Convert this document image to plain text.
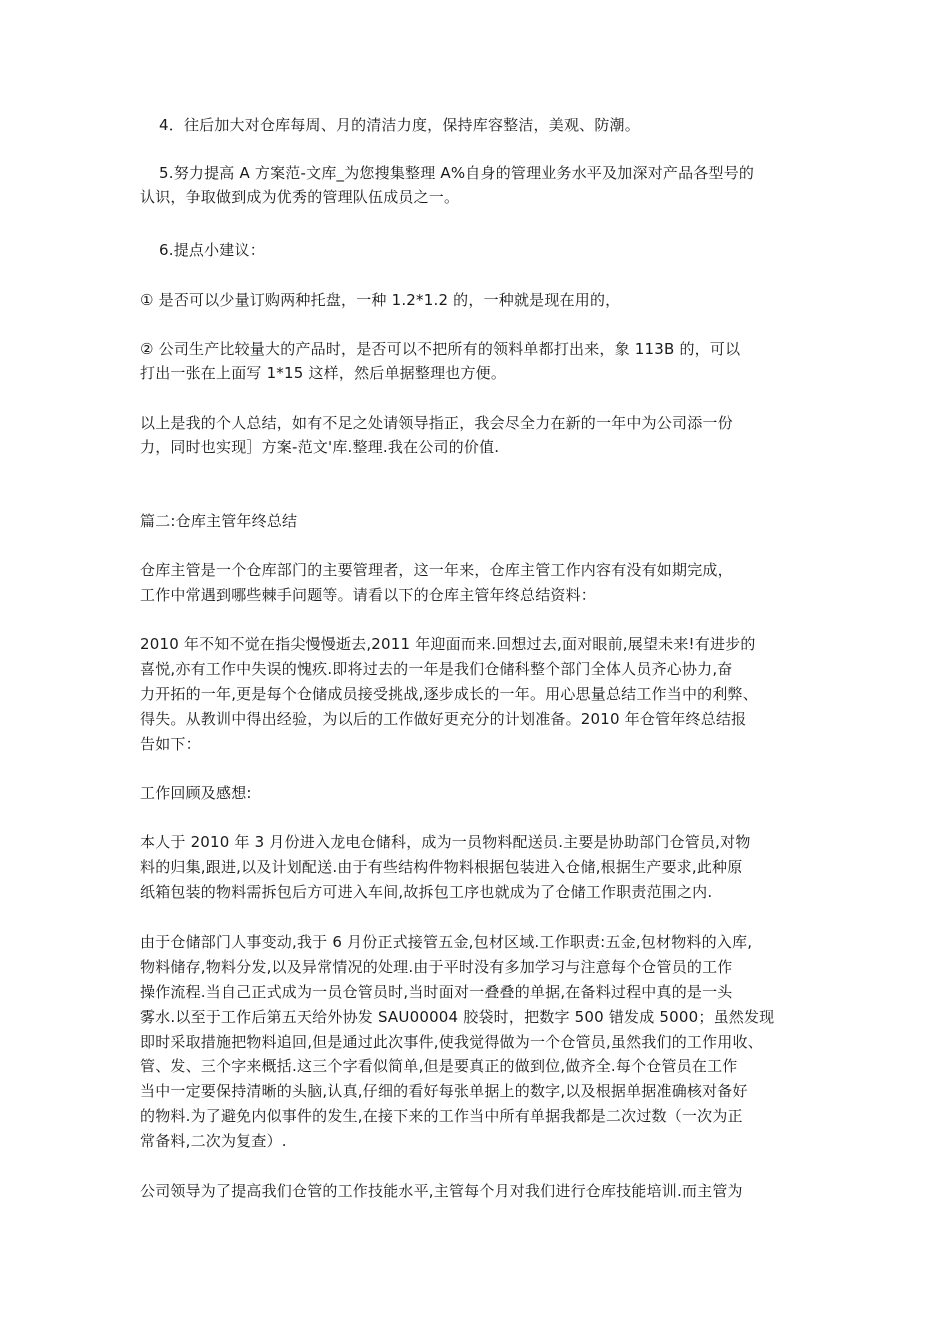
4．往后加大对仓库每周、月的清洁力度，保持库容整洁，美观、防潮。
5.努力提高 A 方案范-文库_为您搜集整理 A%自身的管理业务水平及加深对产品各型号的
认识，争取做到成为优秀的管理队伍成员之一。
6.提点小建议：
① 是否可以少量订购两种托盘，一种 1.2*1.2 的，一种就是现在用的，
② 公司生产比较量大的产品时，是否可以不把所有的领料单都打出来，象 113B 的，可以
打出一张在上面写 1*15 这样，然后单据整理也方便。
以上是我的个人总结，如有不足之处请领导指正，我会尽全力在新的一年中为公司添一份
力，同时也实现］方案-范文'库.整理.我在公司的价值.
篇二:仓库主管年终总结
仓库主管是一个仓库部门的主要管理者，这一年来，仓库主管工作内容有没有如期完成，
工作中常遇到哪些棘手问题等。请看以下的仓库主管年终总结资料：
2010 年不知不觉在指尖慢慢逝去,2011 年迎面而来.回想过去,面对眼前,展望未来!有进步的
喜悦,亦有工作中失误的愧疚.即将过去的一年是我们仓储科整个部门全体人员齐心协力,奋
力开拓的一年,更是每个仓储成员接受挑战,逐步成长的一年。用心思量总结工作当中的利弊、
得失。从教训中得出经验，为以后的工作做好更充分的计划准备。2010 年仓管年终总结报
告如下：
工作回顾及感想:
本人于 2010 年 3 月份进入龙电仓储科，成为一员物料配送员.主要是协助部门仓管员,对物
料的归集,跟进,以及计划配送.由于有些结构件物料根据包装进入仓储,根据生产要求,此种原
纸箱包装的物料需拆包后方可进入车间,故拆包工序也就成为了仓储工作职责范围之内.
由于仓储部门人事变动,我于 6 月份正式接管五金,包材区域.工作职责:五金,包材物料的入库,
物料储存,物料分发,以及异常情况的处理.由于平时没有多加学习与注意每个仓管员的工作
操作流程.当自己正式成为一员仓管员时,当时面对一叠叠的单据,在备料过程中真的是一头
雾水.以至于工作后第五天给外协发 SAU00004 胶袋时，把数字 500 错发成 5000；虽然发现
即时采取措施把物料追回,但是通过此次事件,使我觉得做为一个仓管员,虽然我们的工作用收、
管、发、三个字来概括.这三个字看似简单,但是要真正的做到位,做齐全.每个仓管员在工作
当中一定要保持清晰的头脑,认真,仔细的看好每张单据上的数字,以及根据单据准确核对备好
的物料.为了避免内似事件的发生,在接下来的工作当中所有单据我都是二次过数（一次为正
常备料,二次为复查）.
公司领导为了提高我们仓管的工作技能水平,主管每个月对我们进行仓库技能培训.而主管为
